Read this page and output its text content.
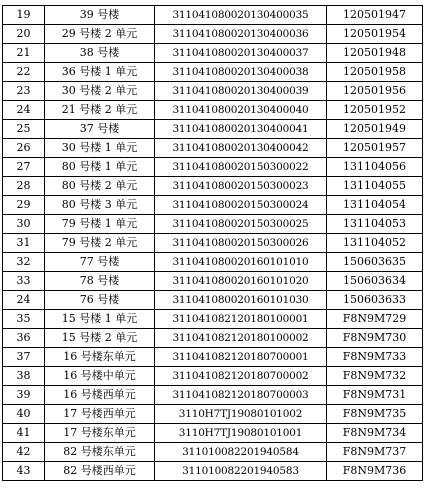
19	39 号楼	311041080020130400035	120501947
20	29 号楼 2 单元	311041080020130400036	120501954
21	38 号楼	311041080020130400037	120501948
22	36 号楼 1 单元	311041080020130400038	120501958
23	30 号楼 2 单元	311041080020130400039	120501956
24	21 号楼 2 单元	311041080020130400040	120501952
25	37 号楼	311041080020130400041	120501949
26	30 号楼 1 单元	311041080020130400042	120501957
27	80 号楼 1 单元	311041080020150300022	131104056
28	80 号楼 2 单元	311041080020150300023	131104055
29	80 号楼 3 单元	311041080020150300024	131104054
30	79 号楼 1 单元	311041080020150300025	131104053
31	79 号楼 2 单元	311041080020150300026	131104052
32	77 号楼	311041080020160101010	150603635
33	78 号楼	311041080020160101020	150603634
24	76 号楼	311041080020160101030	150603633
35	15 号楼 1 单元	311041082120180100001	F8N9M729
36	15 号楼 2 单元	311041082120180100002	F8N9M730
37	16 号楼东单元	311041082120180700001	F8N9M733
38	16 号楼中单元	311041082120180700002	F8N9M732
39	16 号楼西单元	311041082120180700003	F8N9M731
40	17 号楼西单元	3110H7TJ19080101002	F8N9M735
41	17 号楼东单元	3110H7TJ19080101001	F8N9M734
42	82 号楼东单元	311010082201940584	F8N9M737
43	82 号楼西单元	311010082201940583	F8N9M736
